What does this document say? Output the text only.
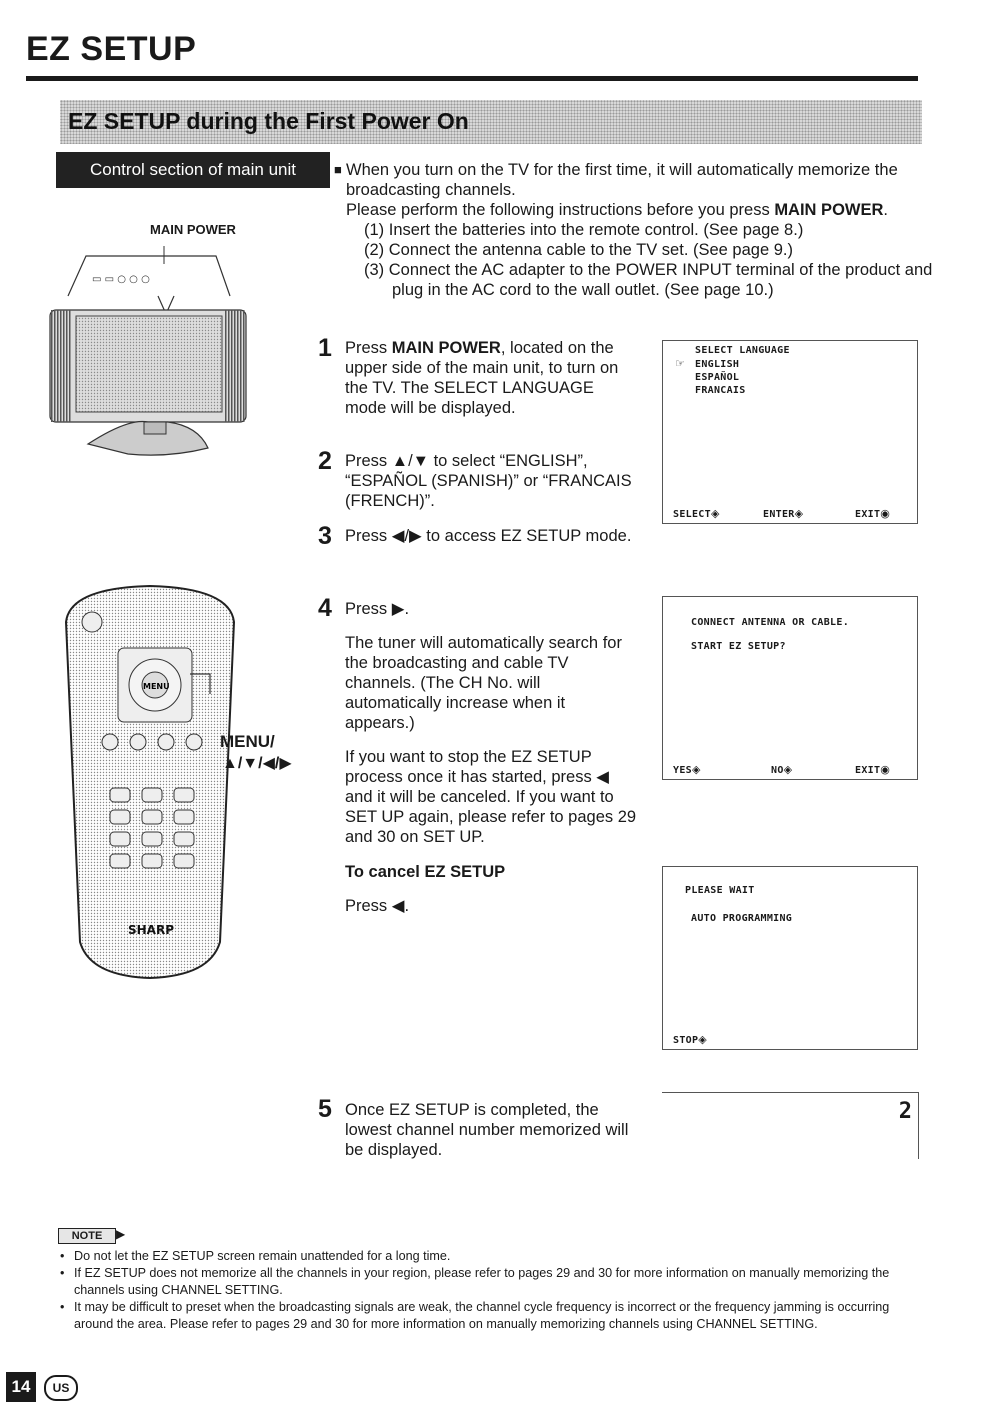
EZ SETUP
EZ SETUP during the First Power On
Control section of main unit	■ When you turn on the TV for the first time, it will automatically memorize the broadcasting channels.

Please perform the following instructions before you press MAIN POWER.

(1) Insert the batteries into the remote control. (See page 8.)
(2) Connect the antenna cable to the TV set. (See page 9.)
(3) Connect the AC adapter to the POWER INPUT terminal of the product and plug in the AC cord to the wall outlet. (See page 10.)
MAIN POWER
▭ ▭ ○ ○ ○
MENU
SHARP
MENU/
▲/▼/◀/▶
1 Press MAIN POWER, located on the upper side of the main unit, to turn on the TV. The SELECT LANGUAGE mode will be displayed.

2 Press ▲/▼ to select “ENGLISH”, “ESPAÑOL (SPANISH)” or “FRANCAIS (FRENCH)”.

3 Press ◀/▶ to access EZ SETUP mode.

4 Press ▶.

The tuner will automatically search for the broadcasting and cable TV channels. (The CH No. will automatically increase when it appears.)

If you want to stop the EZ SETUP process once it has started, press ◀ and it will be canceled. If you want to SET UP again, please refer to pages 29 and 30 on SET UP.

To cancel EZ SETUP

Press ◀.

5 Once EZ SETUP is completed, the lowest channel number memorized will be displayed.

SELECT LANGUAGE
☞ ENGLISH
ESPAÑOL
FRANCAIS
SELECT◈	ENTER◈	EXIT◉
CONNECT ANTENNA OR CABLE.
START EZ SETUP?
YES◈	NO◈	EXIT◉
PLEASE WAIT
AUTO PROGRAMMING
STOP◈
2
NOTE	▶
• Do not let the EZ SETUP screen remain unattended for a long time.
• If EZ SETUP does not memorize all the channels in your region, please refer to pages 29 and 30 for more information on manually memorizing the channels using CHANNEL SETTING.
• It may be difficult to preset when the broadcasting signals are weak, the channel cycle frequency is incorrect or the frequency jamming is occurring around the area. Please refer to pages 29 and 30 for more information on manually memorizing channels using CHANNEL SETTING.
14	US
